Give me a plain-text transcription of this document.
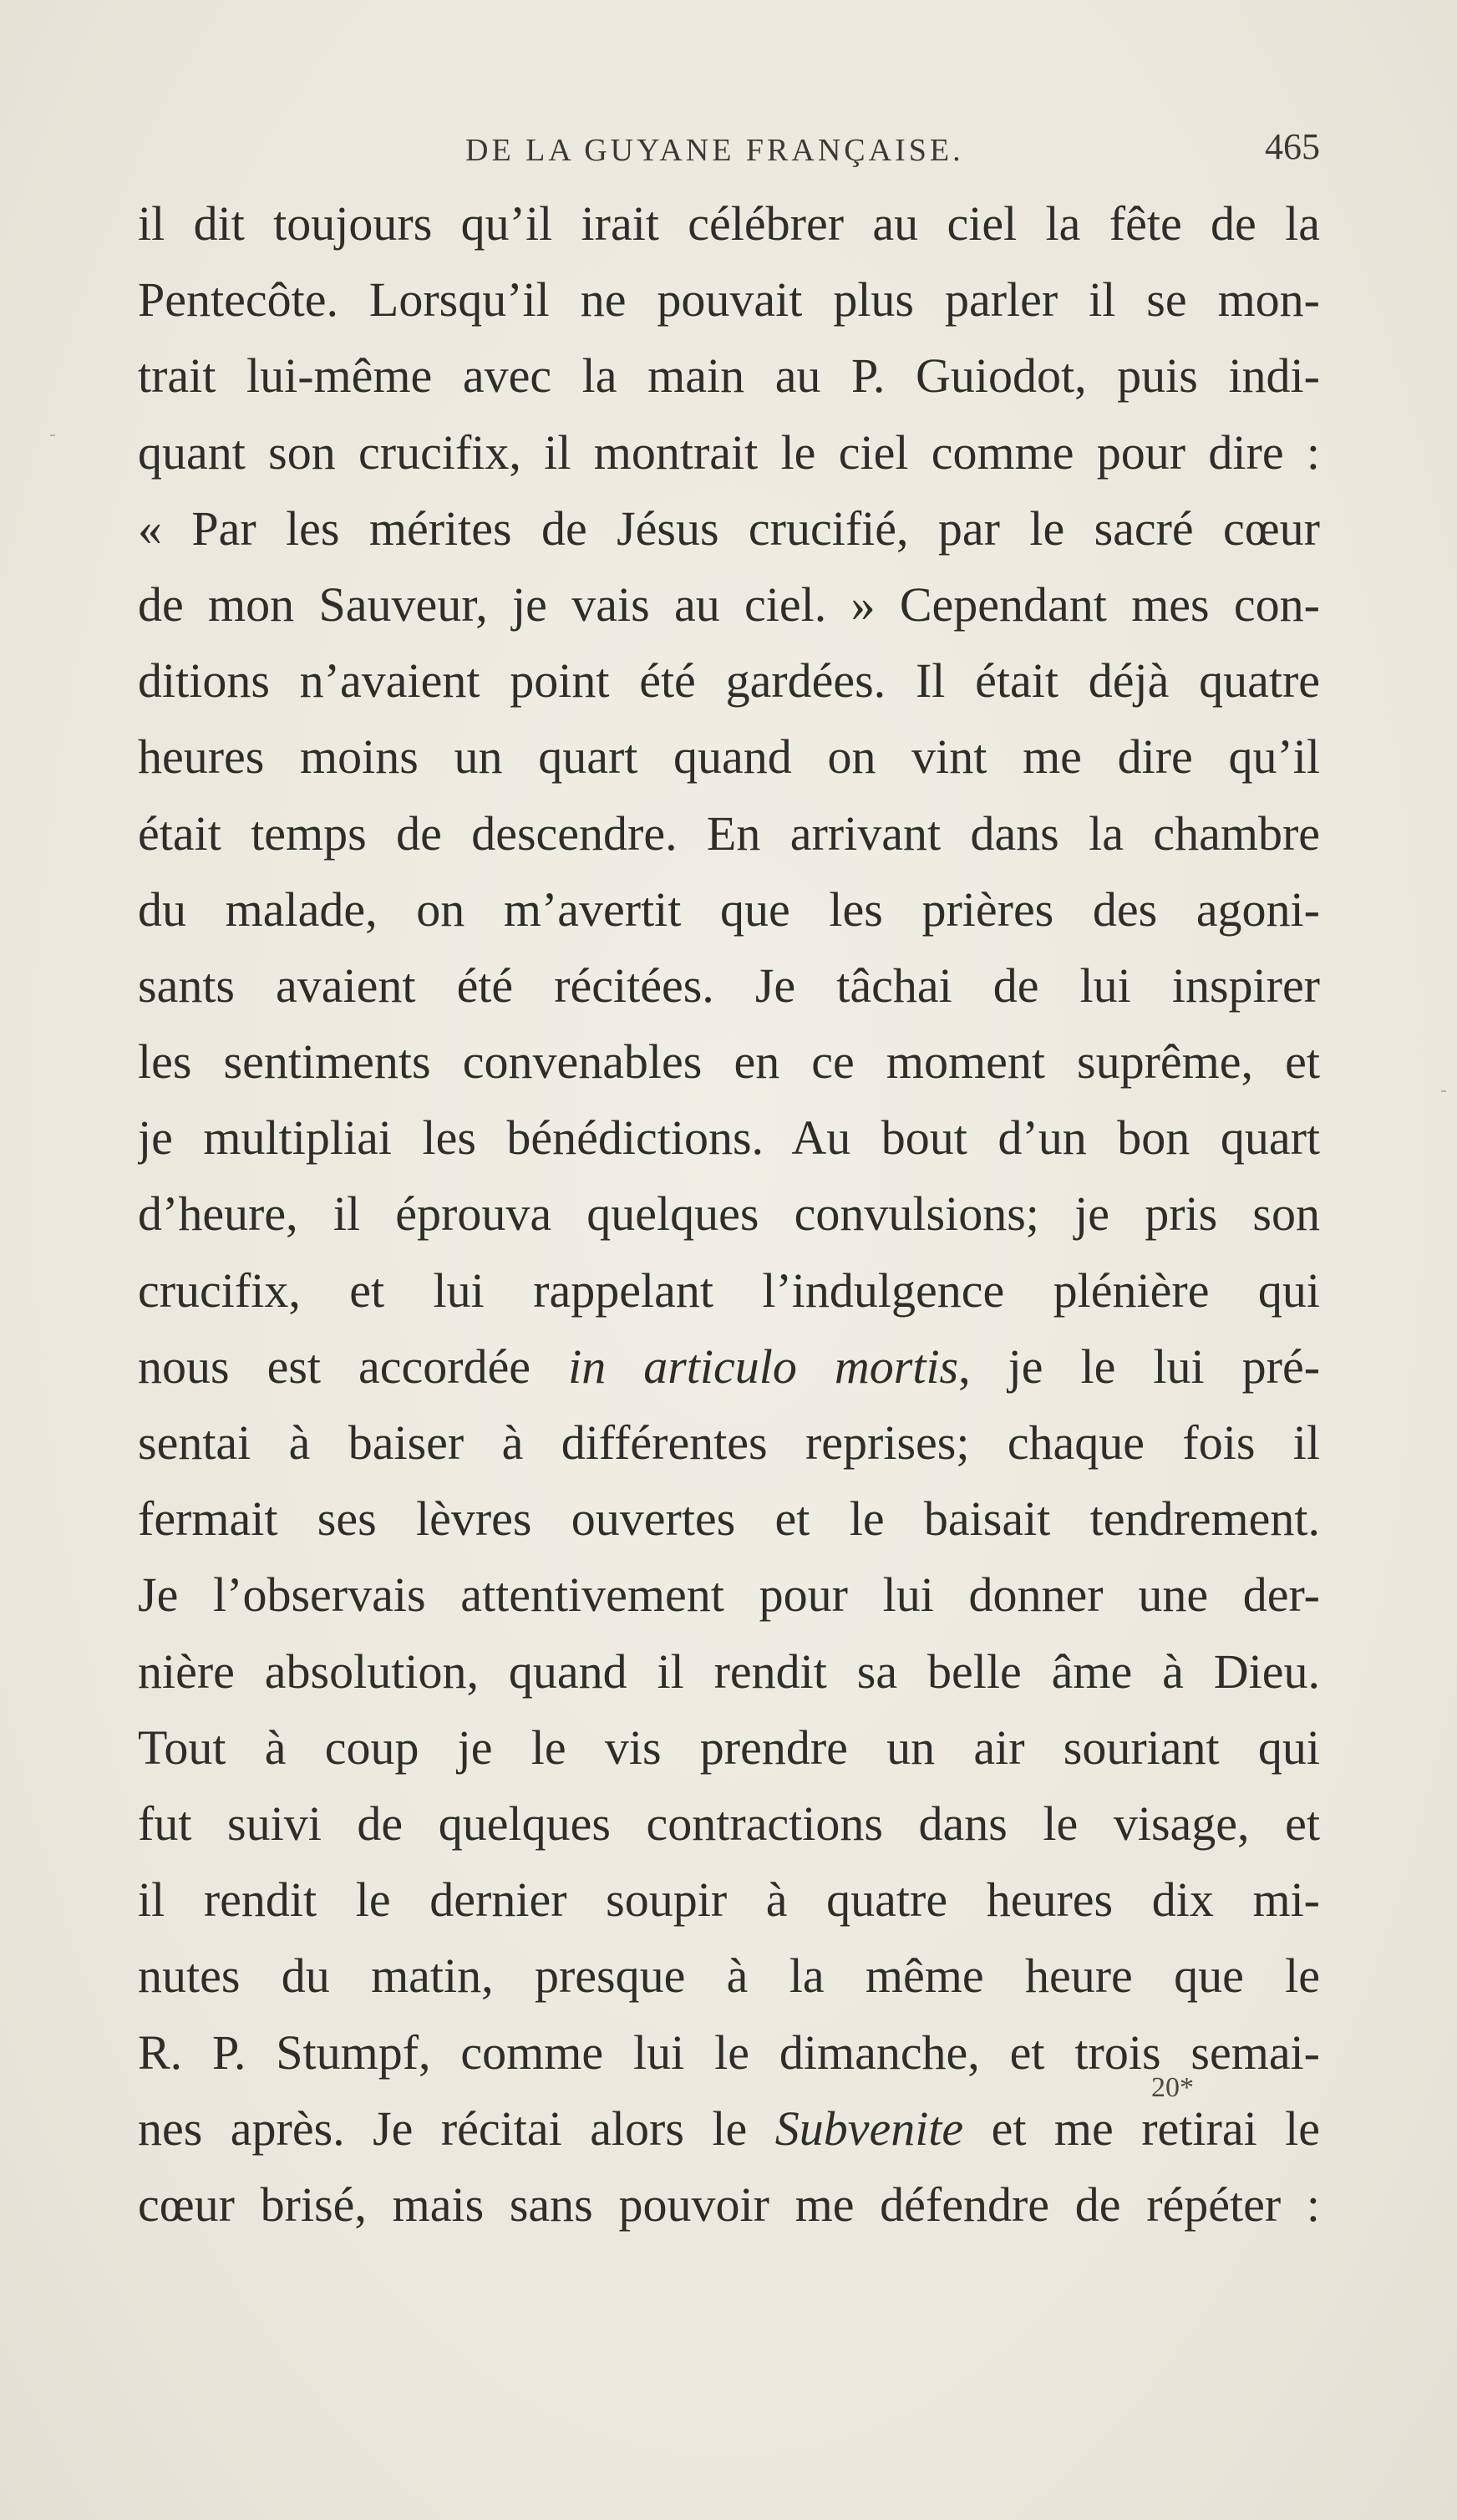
DE LA GUYANE FRANÇAISE.	465
il dit toujours qu’il irait célébrer au ciel la fête de la
Pentecôte. Lorsqu’il ne pouvait plus parler il se mon-
trait lui-même avec la main au P. Guiodot, puis indi-
quant son crucifix, il montrait le ciel comme pour dire :
« Par les mérites de Jésus crucifié, par le sacré cœur
de mon Sauveur, je vais au ciel. » Cependant mes con-
ditions n’avaient point été gardées. Il était déjà quatre
heures moins un quart quand on vint me dire qu’il
était temps de descendre. En arrivant dans la chambre
du malade, on m’avertit que les prières des agoni-
sants avaient été récitées. Je tâchai de lui inspirer
les sentiments convenables en ce moment suprême, et
je multipliai les bénédictions. Au bout d’un bon quart
d’heure, il éprouva quelques convulsions; je pris son
crucifix, et lui rappelant l’indulgence plénière qui
nous est accordée in articulo mortis, je le lui pré-
sentai à baiser à différentes reprises; chaque fois il
fermait ses lèvres ouvertes et le baisait tendrement.
Je l’observais attentivement pour lui donner une der-
nière absolution, quand il rendit sa belle âme à Dieu.
Tout à coup je le vis prendre un air souriant qui
fut suivi de quelques contractions dans le visage, et
il rendit le dernier soupir à quatre heures dix mi-
nutes du matin, presque à la même heure que le
R. P. Stumpf, comme lui le dimanche, et trois semai-
nes après. Je récitai alors le Subvenite et me retirai le
cœur brisé, mais sans pouvoir me défendre de répéter :
20*
